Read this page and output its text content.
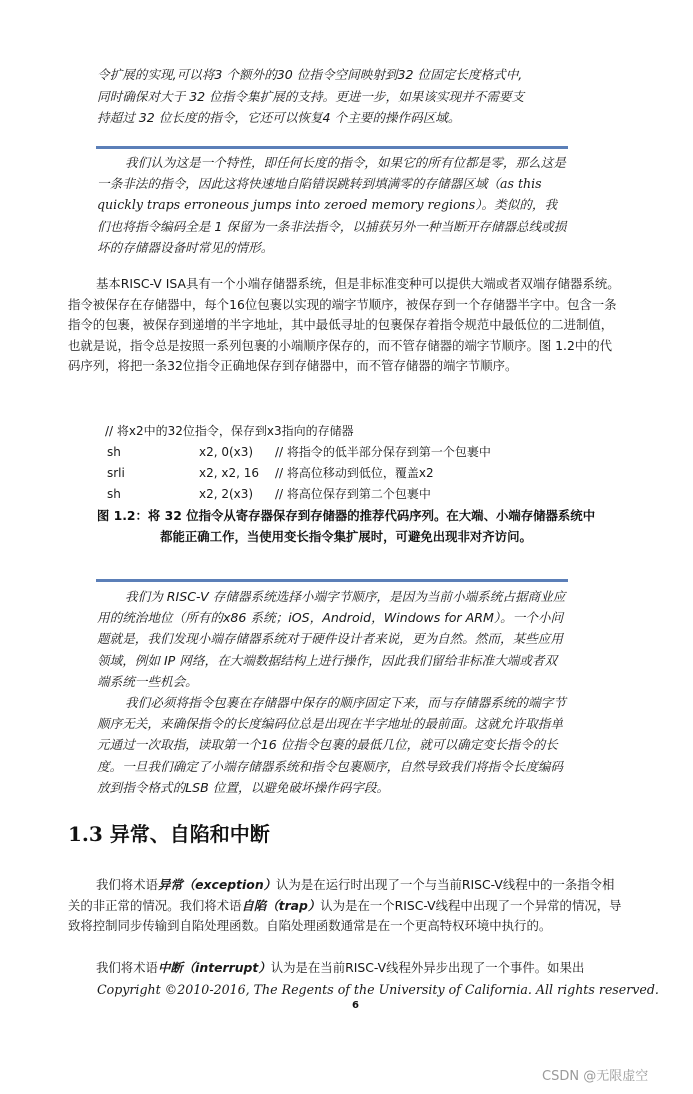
令扩展的实现,可以将3 个额外的30 位指令空间映射到32 位固定长度格式中,
同时确保对大于 32 位指令集扩展的支持。更进一步，如果该实现并不需要支
持超过 32 位长度的指令，它还可以恢复4 个主要的操作码区域。

我们认为这是一个特性，即任何长度的指令，如果它的所有位都是零，那么这是一条非法的指令，因此这将快速地自陷错误跳转到填满零的存储器区域（as this quickly traps erroneous jumps into zeroed memory regions）。类似的，我们也将指令编码全是 1 保留为一条非法指令，以捕获另外一种当断开存储器总线或损坏的存储器设备时常见的情形。

基本RISC-V ISA具有一个小端存储器系统，但是非标准变种可以提供大端或者双端存储器系统。指令被保存在存储器中，每个16位包裹以实现的端字节顺序，被保存到一个存储器半字中。包含一条指令的包裹，被保存到递增的半字地址，其中最低寻址的包裹保存着指令规范中最低位的二进制值，也就是说，指令总是按照一系列包裹的小端顺序保存的，而不管存储器的端字节顺序。图 1.2中的代码序列，将把一条32位指令正确地保存到存储器中，而不管存储器的端字节顺序。

// 将x2中的32位指令，保存到x3指向的存储器
sh	x2, 0(x3)	// 将指令的低半部分保存到第一个包裹中
srli	x2, x2, 16	// 将高位移动到低位，覆盖x2
sh	x2, 2(x3)	// 将高位保存到第二个包裹中
图 1.2：将 32 位指令从寄存器保存到存储器的推荐代码序列。在大端、小端存储器系统中
都能正确工作，当使用变长指令集扩展时，可避免出现非对齐访问。

我们为 RISC-V 存储器系统选择小端字节顺序，是因为当前小端系统占据商业应用的统治地位（所有的x86 系统；iOS，Android，Windows for ARM）。一个小问题就是，我们发现小端存储器系统对于硬件设计者来说，更为自然。然而，某些应用领域，例如 IP 网络，在大端数据结构上进行操作，因此我们留给非标准大端或者双端系统一些机会。

我们必须将指令包裹在存储器中保存的顺序固定下来，而与存储器系统的端字节顺序无关，来确保指令的长度编码位总是出现在半字地址的最前面。这就允许取指单元通过一次取指，读取第一个16 位指令包裹的最低几位，就可以确定变长指令的长度。一旦我们确定了小端存储器系统和指令包裹顺序，自然导致我们将指令长度编码放到指令格式的LSB 位置，以避免破坏操作码字段。

1.3 异常、自陷和中断

我们将术语异常（exception）认为是在运行时出现了一个与当前RISC-V线程中的一条指令相关的非正常的情况。我们将术语自陷（trap）认为是在一个RISC-V线程中出现了一个异常的情况，导致将控制同步传输到自陷处理函数。自陷处理函数通常是在一个更高特权环境中执行的。

我们将术语中断（interrupt）认为是在当前RISC-V线程外异步出现了一个事件。如果出

Copyright ©2010-2016, The Regents of the University of California. All rights reserved.
6
CSDN @无限虚空
